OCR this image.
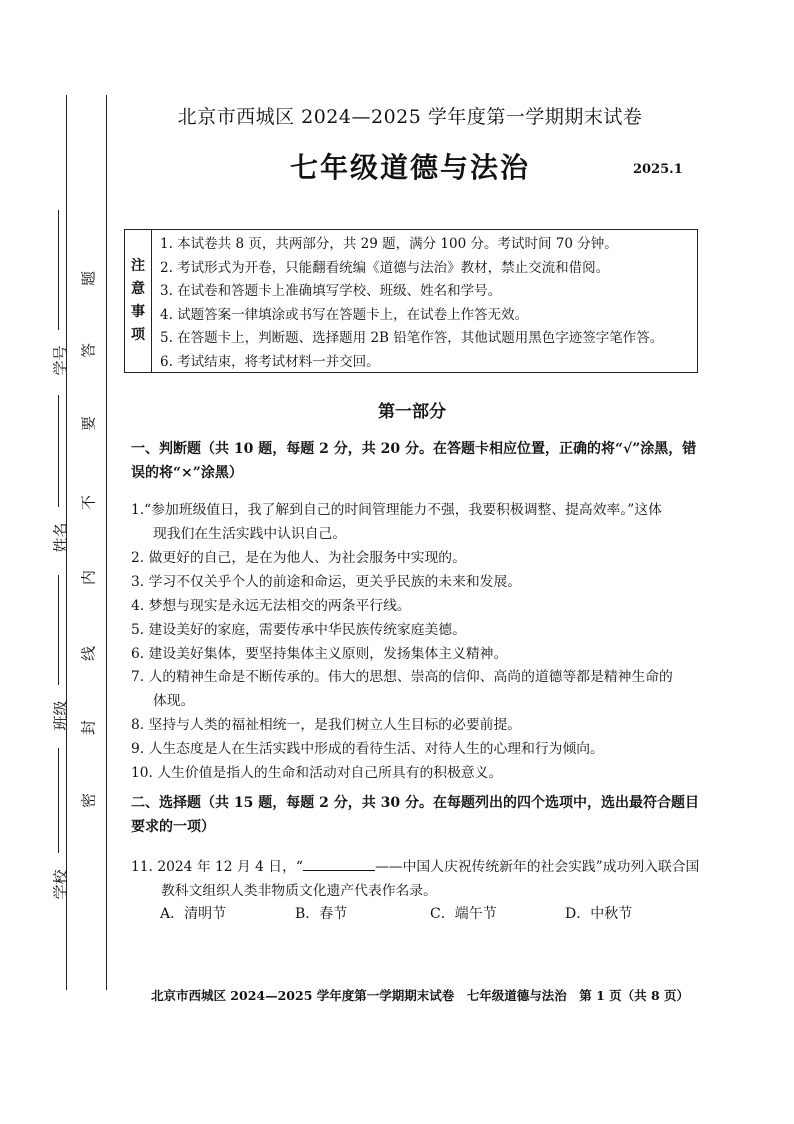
学号
姓名
班级
学校
题
答
要
不
内
线
封
密
北京市西城区 2024—2025 学年度第一学期期末试卷
七年级道德与法治	2025.1
注
意
事
项
1. 本试卷共 8 页，共两部分，共 29 题，满分 100 分。考试时间 70 分钟。
2. 考试形式为开卷，只能翻看统编《道德与法治》教材，禁止交流和借阅。
3. 在试卷和答题卡上准确填写学校、班级、姓名和学号。
4. 试题答案一律填涂或书写在答题卡上，在试卷上作答无效。
5. 在答题卡上，判断题、选择题用 2B 铅笔作答，其他试题用黑色字迹签字笔作答。
6. 考试结束，将考试材料一并交回。
第一部分
一、判断题（共 10 题，每题 2 分，共 20 分。在答题卡相应位置，正确的将“√”涂黑，错
误的将“×”涂黑）
1.“参加班级值日，我了解到自己的时间管理能力不强，我要积极调整、提高效率。”这体
现我们在生活实践中认识自己。
2. 做更好的自己，是在为他人、为社会服务中实现的。
3. 学习不仅关乎个人的前途和命运，更关乎民族的未来和发展。
4. 梦想与现实是永远无法相交的两条平行线。
5. 建设美好的家庭，需要传承中华民族传统家庭美德。
6. 建设美好集体，要坚持集体主义原则，发扬集体主义精神。
7. 人的精神生命是不断传承的。伟大的思想、崇高的信仰、高尚的道德等都是精神生命的
体现。
8. 坚持与人类的福祉相统一，是我们树立人生目标的必要前提。
9. 人生态度是人在生活实践中形成的看待生活、对待人生的心理和行为倾向。
10. 人生价值是指人的生命和活动对自己所具有的积极意义。
二、选择题（共 15 题，每题 2 分，共 30 分。在每题列出的四个选项中，选出最符合题目
要求的一项）
11. 2024 年 12 月 4 日，“	——中国人庆祝传统新年的社会实践”成功列入联合国
教科文组织人类非物质文化遗产代表作名录。
A．清明节	B．春节	C．端午节	D．中秋节
北京市西城区 2024—2025 学年度第一学期期末试卷　七年级道德与法治　第 1 页（共 8 页）
